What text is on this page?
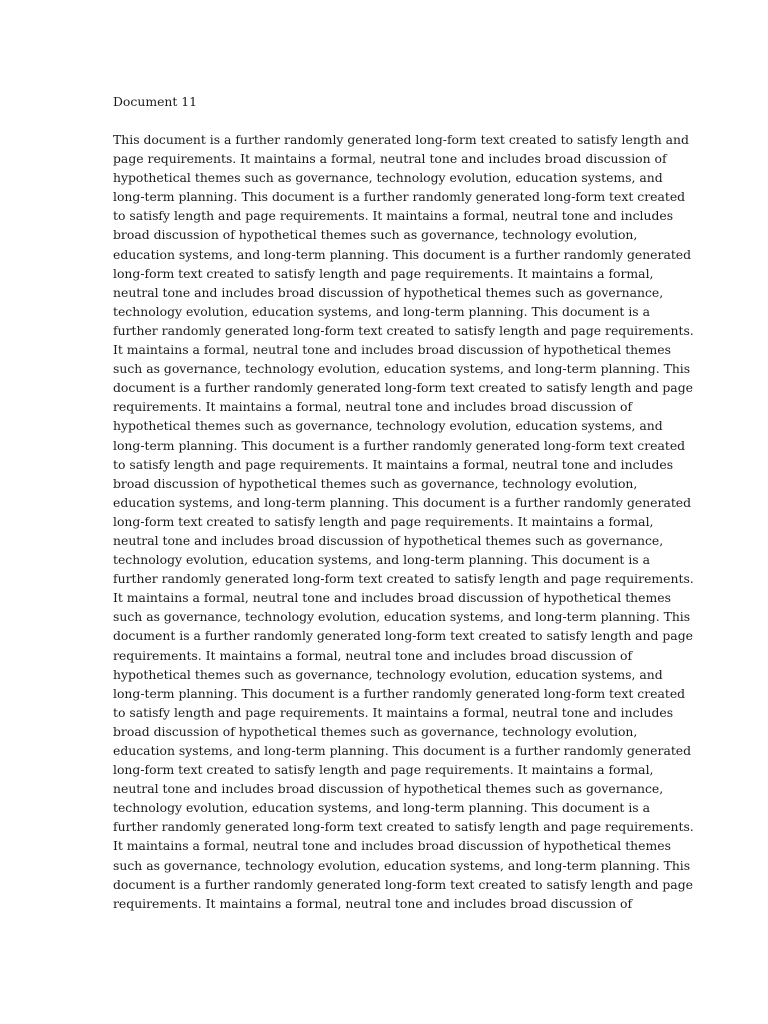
Document 11
This document is a further randomly generated long-form text created to satisfy length and
page requirements. It maintains a formal, neutral tone and includes broad discussion of
hypothetical themes such as governance, technology evolution, education systems, and
long-term planning. This document is a further randomly generated long-form text created
to satisfy length and page requirements. It maintains a formal, neutral tone and includes
broad discussion of hypothetical themes such as governance, technology evolution,
education systems, and long-term planning. This document is a further randomly generated
long-form text created to satisfy length and page requirements. It maintains a formal,
neutral tone and includes broad discussion of hypothetical themes such as governance,
technology evolution, education systems, and long-term planning. This document is a
further randomly generated long-form text created to satisfy length and page requirements.
It maintains a formal, neutral tone and includes broad discussion of hypothetical themes
such as governance, technology evolution, education systems, and long-term planning. This
document is a further randomly generated long-form text created to satisfy length and page
requirements. It maintains a formal, neutral tone and includes broad discussion of
hypothetical themes such as governance, technology evolution, education systems, and
long-term planning. This document is a further randomly generated long-form text created
to satisfy length and page requirements. It maintains a formal, neutral tone and includes
broad discussion of hypothetical themes such as governance, technology evolution,
education systems, and long-term planning. This document is a further randomly generated
long-form text created to satisfy length and page requirements. It maintains a formal,
neutral tone and includes broad discussion of hypothetical themes such as governance,
technology evolution, education systems, and long-term planning. This document is a
further randomly generated long-form text created to satisfy length and page requirements.
It maintains a formal, neutral tone and includes broad discussion of hypothetical themes
such as governance, technology evolution, education systems, and long-term planning. This
document is a further randomly generated long-form text created to satisfy length and page
requirements. It maintains a formal, neutral tone and includes broad discussion of
hypothetical themes such as governance, technology evolution, education systems, and
long-term planning. This document is a further randomly generated long-form text created
to satisfy length and page requirements. It maintains a formal, neutral tone and includes
broad discussion of hypothetical themes such as governance, technology evolution,
education systems, and long-term planning. This document is a further randomly generated
long-form text created to satisfy length and page requirements. It maintains a formal,
neutral tone and includes broad discussion of hypothetical themes such as governance,
technology evolution, education systems, and long-term planning. This document is a
further randomly generated long-form text created to satisfy length and page requirements.
It maintains a formal, neutral tone and includes broad discussion of hypothetical themes
such as governance, technology evolution, education systems, and long-term planning. This
document is a further randomly generated long-form text created to satisfy length and page
requirements. It maintains a formal, neutral tone and includes broad discussion of
